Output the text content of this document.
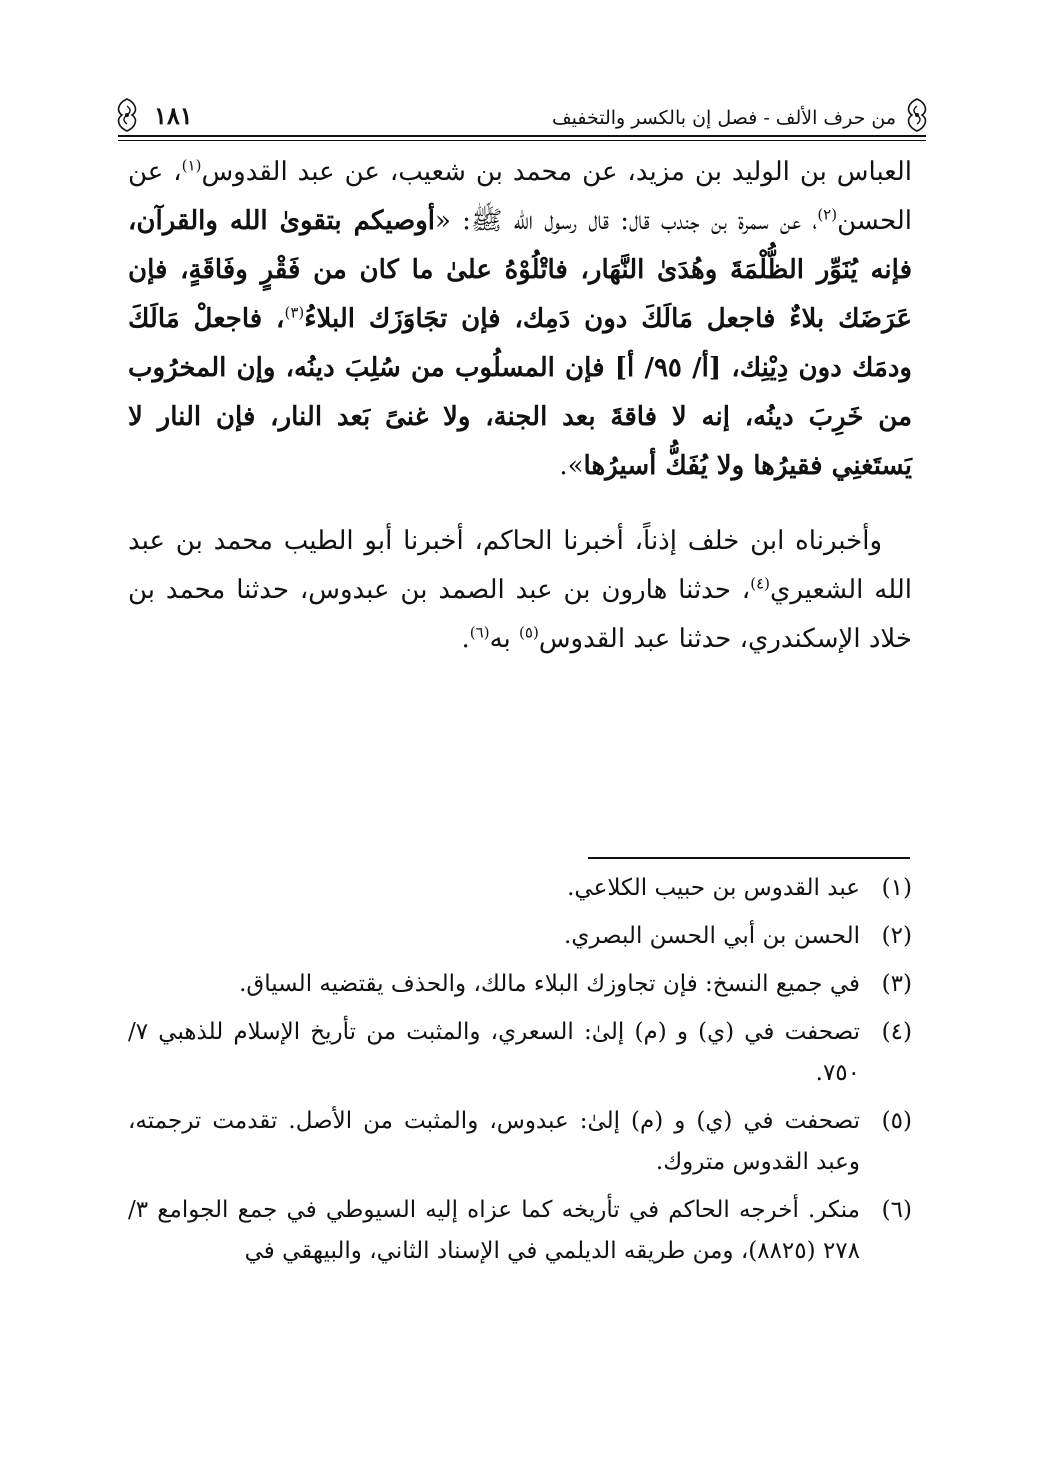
من حرف الألف - فصل إن بالكسر والتخفيف
١٨١

العباس بن الوليد بن مزيد، عن محمد بن شعيب، عن عبد القدوس$^{(١)}$، عن الحسن$^{(٢)}$، عن سمرة بن جندب قال: قال رسول الله ﷺ: «أوصيكم بتقوىٰ الله والقرآن، فإنه يُنَوِّر الظُّلْمَةَ وهُدَىٰ النَّهَار، فاتْلُوْهُ علىٰ ما كان من فَقْرٍ وفَاقَةٍ، فإن عَرَضَك بلاءٌ فاجعل مَالَكَ دون دَمِك، فإن تجَاوَزَك البلاءُ$^{(٣)}$، فاجعلْ مَالَكَ ودمَك دون دِيْنِك، [أ/ ٩٥/ أ] فإن المسلُوب من سُلِبَ دينُه، وإن المخرُوب من خَرِبَ دينُه، إنه لا فاقةَ بعد الجنة، ولا غنىً بَعد النار، فإن النار لا يَستَغنِي فقيرُها ولا يُفَكُّ أسيرُها».

وأخبرناه ابن خلف إذناً، أخبرنا الحاكم، أخبرنا أبو الطيب محمد بن عبد الله الشعيري$^{(٤)}$، حدثنا هارون بن عبد الصمد بن عبدوس، حدثنا محمد بن خلاد الإسكندري، حدثنا عبد القدوس$^{(٥)}$ به$^{(٦)}$.

(١)
عبد القدوس بن حبيب الكلاعي.

(٢)
الحسن بن أبي الحسن البصري.

(٣)
في جميع النسخ: فإن تجاوزك البلاء مالك، والحذف يقتضيه السياق.

(٤)
تصحفت في (ي) و (م) إلىٰ: السعري، والمثبت من تأريخ الإسلام للذهبي ٧/ ٧٥٠.

(٥)
تصحفت في (ي) و (م) إلىٰ: عبدوس، والمثبت من الأصل. تقدمت ترجمته، وعبد القدوس متروك.

(٦)
منكر. أخرجه الحاكم في تأريخه كما عزاه إليه السيوطي في جمع الجوامع ٣/ ٢٧٨ (٨٨٢٥)، ومن طريقه الديلمي في الإسناد الثاني، والبيهقي في
